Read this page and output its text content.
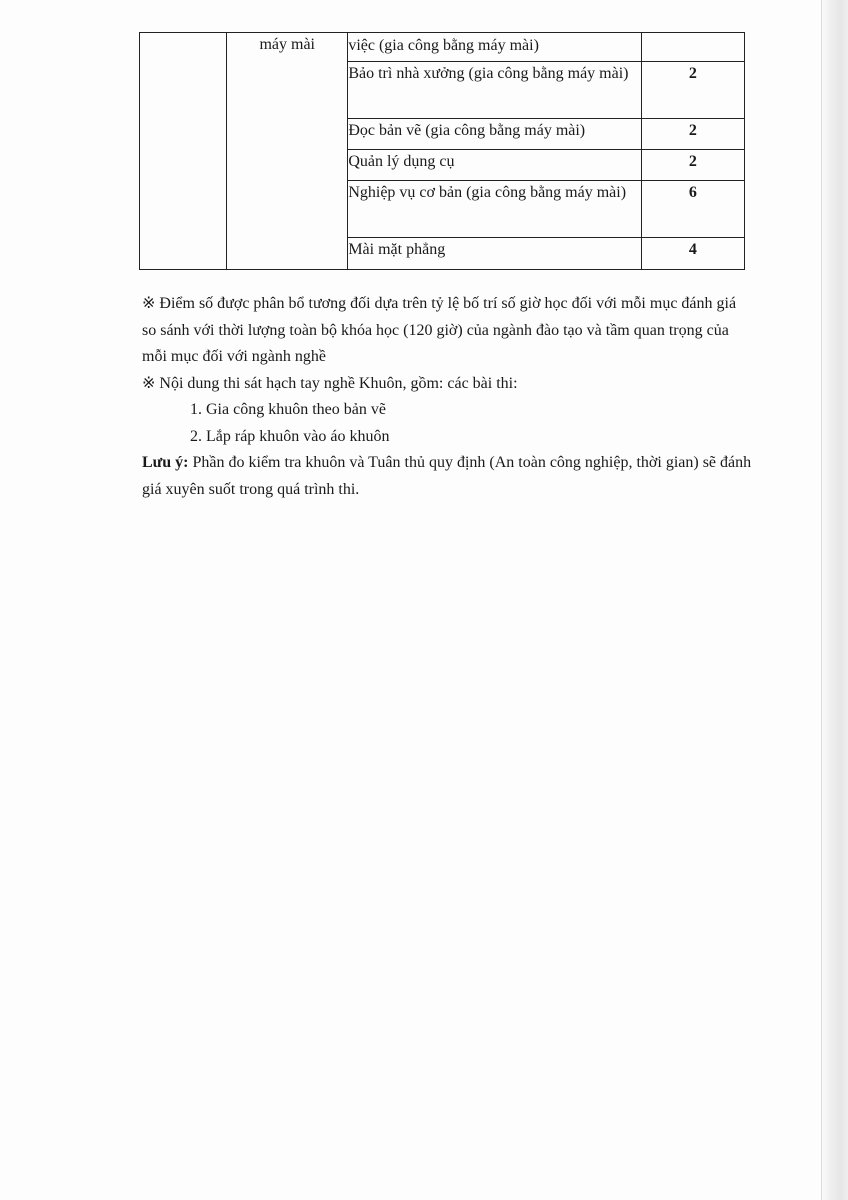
	máy mài	việc (gia công bằng máy mài)	
		Bảo trì nhà xưởng (gia công bằng máy mài)	2
		Đọc bản vẽ (gia công bằng máy mài)	2
		Quản lý dụng cụ	2
		Nghiệp vụ cơ bản (gia công bằng máy mài)	6
		Mài mặt phẳng	4

※ Điểm số được phân bổ tương đối dựa trên tỷ lệ bố trí số giờ học đối với mỗi mục đánh giá so sánh với thời lượng toàn bộ khóa học (120 giờ) của ngành đào tạo và tầm quan trọng của mỗi mục đối với ngành nghề

※ Nội dung thi sát hạch tay nghề Khuôn, gồm: các bài thi:

1. Gia công khuôn theo bản vẽ

2. Lắp ráp khuôn vào áo khuôn

Lưu ý: Phần đo kiểm tra khuôn và Tuân thủ quy định (An toàn công nghiệp, thời gian) sẽ đánh giá xuyên suốt trong quá trình thi.
